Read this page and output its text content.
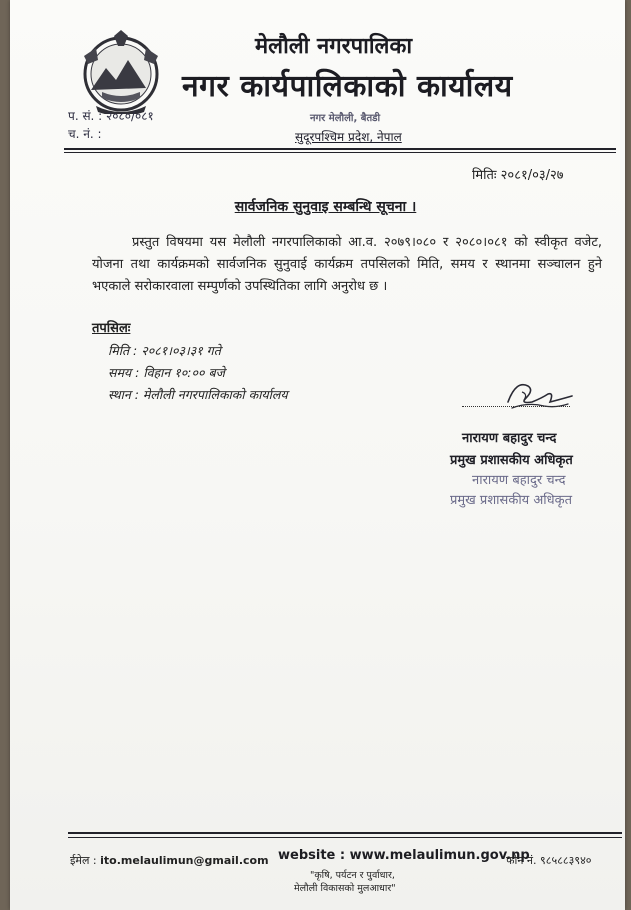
मेलौली नगरपालिका
नगर कार्यपालिकाको कार्यालय
प. सं. : २०८०/०८१
च. नं. :
नगर मेलौली, बैतडी
सुदूरपश्चिम प्रदेश, नेपाल
मितिः २०८१/०३/२७
सार्वजनिक सुनुवाइ सम्बन्धि सूचना ।
प्रस्तुत विषयमा यस मेलौली नगरपालिकाको आ.व. २०७९।०८० र २०८०।०८१ को स्वीकृत वजेट, योजना तथा कार्यक्रमको सार्वजनिक सुनुवाई कार्यक्रम तपसिलको मिति, समय र स्थानमा सञ्चालन हुने भएकाले सरोकारवाला सम्पुर्णको उपस्थितिका लागि अनुरोध छ ।
तपसिलः
मिति : २०८१।०३।३१ गते
समय : विहान १०:०० बजे
स्थान : मेलौली नगरपालिकाको कार्यालय
नारायण बहादुर चन्द
प्रमुख प्रशासकीय अधिकृत
नारायण बहादुर चन्द
प्रमुख प्रशासकीय अधिकृत
ईमेल : ito.melaulimun@gmail.com website : www.melaulimun.gov.np
फोन नं. ९८५८८३९४०
"कृषि, पर्यटन र पुर्वाधार,
मेलौली विकासको मुलआधार"
